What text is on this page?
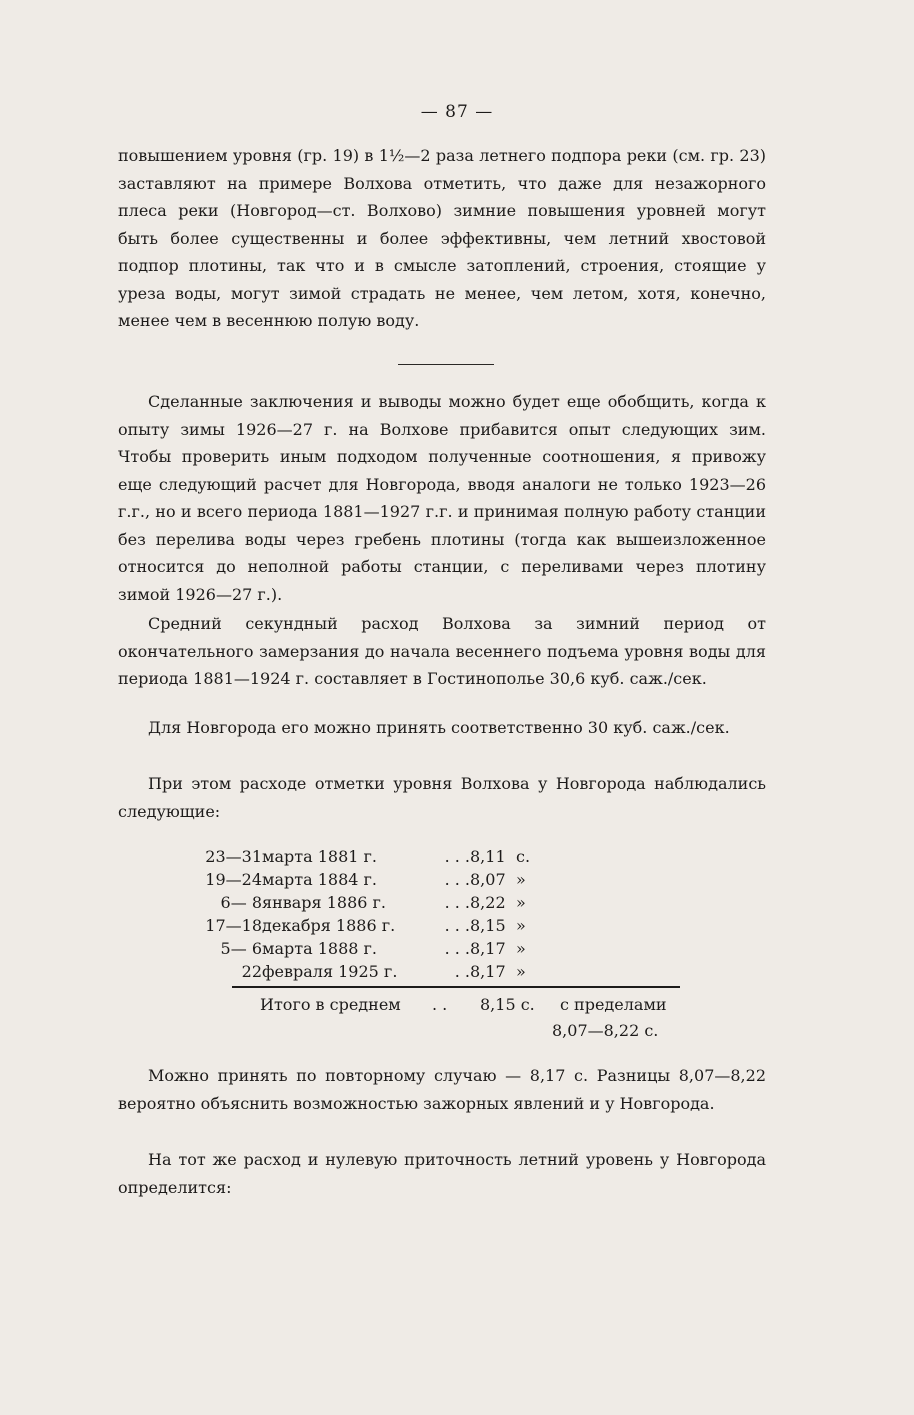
— 87 —

повышением уровня (гр. 19) в 1½—2 раза летнего подпора реки (см. гр. 23) заставляют на примере Волхова отметить, что даже для незажорного плеса реки (Новгород—ст. Волхово) зимние повышения уровней могут быть более существенны и более эффективны, чем летний хвостовой подпор плотины, так что и в смысле затоплений, строения, стоящие у уреза воды, могут зимой страдать не менее, чем летом, хотя, конечно, менее чем в весеннюю полую воду.

Сделанные заключения и выводы можно будет еще обобщить, когда к опыту зимы 1926—27 г. на Волхове прибавится опыт следующих зим. Чтобы проверить иным подходом полученные соотношения, я привожу еще следующий расчет для Новгорода, вводя аналоги не только 1923—26 г.г., но и всего периода 1881—1927 г.г. и принимая полную работу станции без перелива воды через гребень плотины (тогда как вышеизложенное относится до неполной работы станции, с переливами через плотину зимой 1926—27 г.).

Средний секундный расход Волхова за зимний период от окончательного замерзания до начала весеннего подъема уровня воды для периода 1881—1924 г. составляет в Гостинополье 30,6 куб. саж./сек.

Для Новгорода его можно принять соответственно 30 куб. саж./сек.

При этом расходе отметки уровня Волхова у Новгорода наблюдались следующие:

23—31	марта 1881 г.	. . .	8,11	с.
19—24	марта 1884 г.	. . .	8,07	»
6— 8	января 1886 г.	. . .	8,22	»
17—18	декабря 1886 г.	. . .	8,15	»
5— 6	марта 1888 г.	. . .	8,17	»
22	февраля 1925 г.	. .	8,17	»
Итого в среднем . . 8,15 с. с пределами
8,07—8,22 с.

Можно принять по повторному случаю — 8,17 с. Разницы 8,07—8,22 вероятно объяснить возможностью зажорных явлений и у Новгорода.

На тот же расход и нулевую приточность летний уровень у Новгорода определится:
